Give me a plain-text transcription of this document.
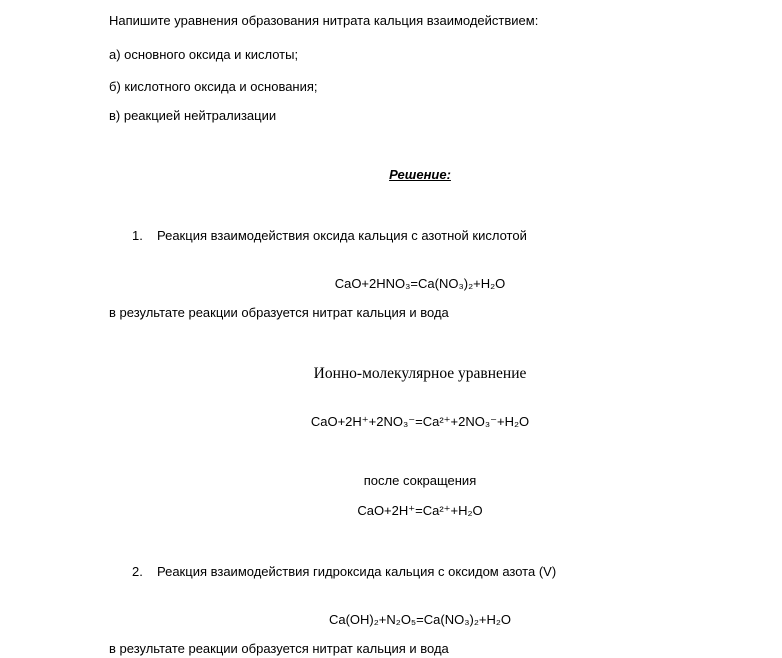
Напишите уравнения образования нитрата кальция взаимодействием:
а) основного оксида и кислоты;
б) кислотного оксида и основания;
в) реакцией нейтрализации
Решение:
1. Реакция взаимодействия оксида кальция с азотной кислотой
CaO+2HNO₃=Ca(NO₃)₂+H₂O
в результате реакции образуется нитрат кальция и вода
Ионно-молекулярное уравнение
CaO+2H⁺+2NO₃⁻=Ca²⁺+2NO₃⁻+H₂O
после сокращения
CaO+2H⁺=Ca²⁺+H₂O
2. Реакция взаимодействия гидроксида кальция с оксидом азота (V)
Ca(OH)₂+N₂O₅=Ca(NO₃)₂+H₂O
в результате реакции образуется нитрат кальция и вода
